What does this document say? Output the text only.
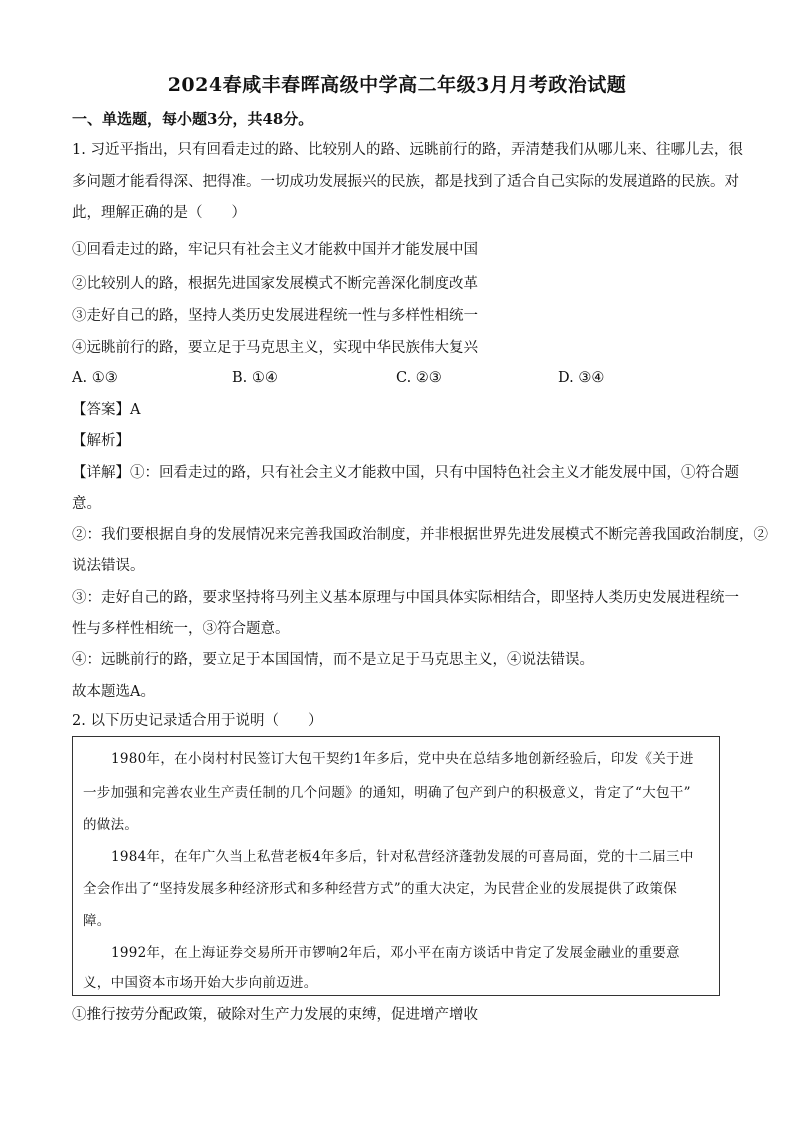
2024春咸丰春晖高级中学高二年级3月月考政治试题
一、单选题，每小题3分，共48分。
1. 习近平指出，只有回看走过的路、比较别人的路、远眺前行的路，弄清楚我们从哪儿来、往哪儿去，很
多问题才能看得深、把得准。一切成功发展振兴的民族，都是找到了适合自己实际的发展道路的民族。对
此，理解正确的是（　　）
①回看走过的路，牢记只有社会主义才能救中国并才能发展中国
②比较别人的路，根据先进国家发展模式不断完善深化制度改革
③走好自己的路，坚持人类历史发展进程统一性与多样性相统一
④远眺前行的路，要立足于马克思主义，实现中华民族伟大复兴
A. ①③	B. ①④	C. ②③	D. ③④
【答案】A
【解析】
【详解】①：回看走过的路，只有社会主义才能救中国，只有中国特色社会主义才能发展中国，①符合题
意。
②：我们要根据自身的发展情况来完善我国政治制度，并非根据世界先进发展模式不断完善我国政治制度，②
说法错误。
③：走好自己的路，要求坚持将马列主义基本原理与中国具体实际相结合，即坚持人类历史发展进程统一
性与多样性相统一，③符合题意。
④：远眺前行的路，要立足于本国国情，而不是立足于马克思主义，④说法错误。
故本题选A。
2. 以下历史记录适合用于说明（　　）
1980年，在小岗村村民签订大包干契约1年多后，党中央在总结多地创新经验后，印发《关于进
一步加强和完善农业生产责任制的几个问题》的通知，明确了包产到户的积极意义，肯定了“大包干”
的做法。
1984年，在年广久当上私营老板4年多后，针对私营经济蓬勃发展的可喜局面，党的十二届三中
全会作出了“坚持发展多种经济形式和多种经营方式”的重大决定，为民营企业的发展提供了政策保
障。
1992年，在上海证券交易所开市锣响2年后，邓小平在南方谈话中肯定了发展金融业的重要意
义，中国资本市场开始大步向前迈进。
①推行按劳分配政策，破除对生产力发展的束缚，促进增产增收
